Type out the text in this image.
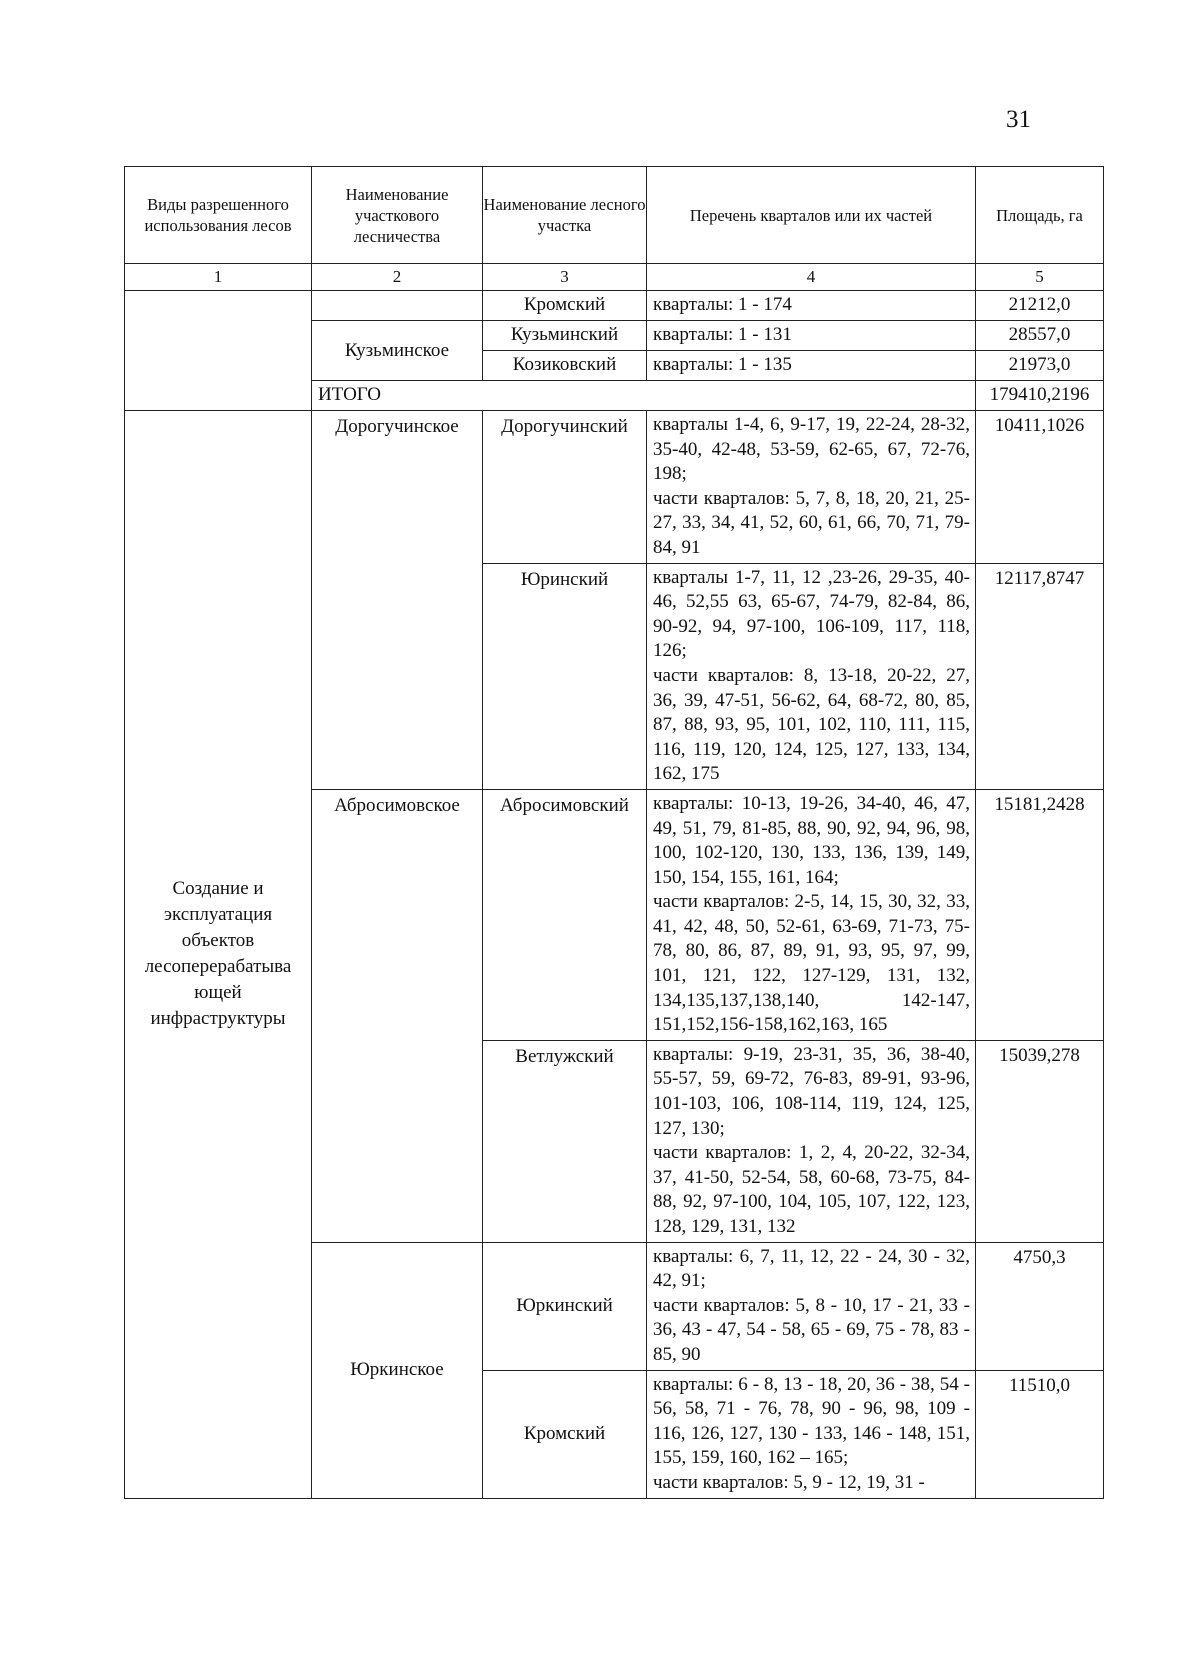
31
Виды разрешенного использования лесов	Наименование участкового лесничества	Наименование лесного участка	Перечень кварталов или их частей	Площадь, га
1	2	3	4	5
		Кромский	кварталы: 1 - 174	21212,0
	Кузьминское	Кузьминский	кварталы: 1 - 131	28557,0
		Козиковский	кварталы: 1 - 135	21973,0
	ИТОГО			179410,2196
Создание и эксплуатация объектов лесоперерабатыва ющей инфраструктуры	Дорогучинское	Дорогучинский	кварталы 1-4, 6, 9-17, 19, 22-24, 28-32, 35-40, 42-48, 53-59, 62-65, 67, 72-76, 198;
части кварталов: 5, 7, 8, 18, 20, 21, 25-27, 33, 34, 41, 52, 60, 61, 66, 70, 71, 79-84, 91	10411,1026
		Юринский	кварталы 1-7, 11, 12 ,23-26, 29-35, 40-46, 52,55 63, 65-67, 74-79, 82-84, 86, 90-92, 94, 97-100, 106-109, 117, 118, 126;
части кварталов: 8, 13-18, 20-22, 27, 36, 39, 47-51, 56-62, 64, 68-72, 80, 85, 87, 88, 93, 95, 101, 102, 110, 111, 115, 116, 119, 120, 124, 125, 127, 133, 134, 162, 175	12117,8747
	Абросимовское	Абросимовский	кварталы: 10-13, 19-26, 34-40, 46, 47, 49, 51, 79, 81-85, 88, 90, 92, 94, 96, 98, 100, 102-120, 130, 133, 136, 139, 149, 150, 154, 155, 161, 164;
части кварталов: 2-5, 14, 15, 30, 32, 33, 41, 42, 48, 50, 52-61, 63-69, 71-73, 75-78, 80, 86, 87, 89, 91, 93, 95, 97, 99, 101, 121, 122, 127-129, 131, 132, 134,135,137,138,140, 142-147, 151,152,156-158,162,163, 165	15181,2428
		Ветлужский	кварталы: 9-19, 23-31, 35, 36, 38-40, 55-57, 59, 69-72, 76-83, 89-91, 93-96, 101-103, 106, 108-114, 119, 124, 125, 127, 130;
части кварталов: 1, 2, 4, 20-22, 32-34, 37, 41-50, 52-54, 58, 60-68, 73-75, 84-88, 92, 97-100, 104, 105, 107, 122, 123, 128, 129, 131, 132	15039,278
	Юркинское	Юркинский	кварталы: 6, 7, 11, 12, 22 - 24, 30 - 32, 42, 91;
части кварталов: 5, 8 - 10, 17 - 21, 33 - 36, 43 - 47, 54 - 58, 65 - 69, 75 - 78, 83 - 85, 90	4750,3
		Кромский	кварталы: 6 - 8, 13 - 18, 20, 36 - 38, 54 - 56, 58, 71 - 76, 78, 90 - 96, 98, 109 - 116, 126, 127, 130 - 133, 146 - 148, 151, 155, 159, 160, 162 – 165;
части кварталов: 5, 9 - 12, 19, 31 -	11510,0
